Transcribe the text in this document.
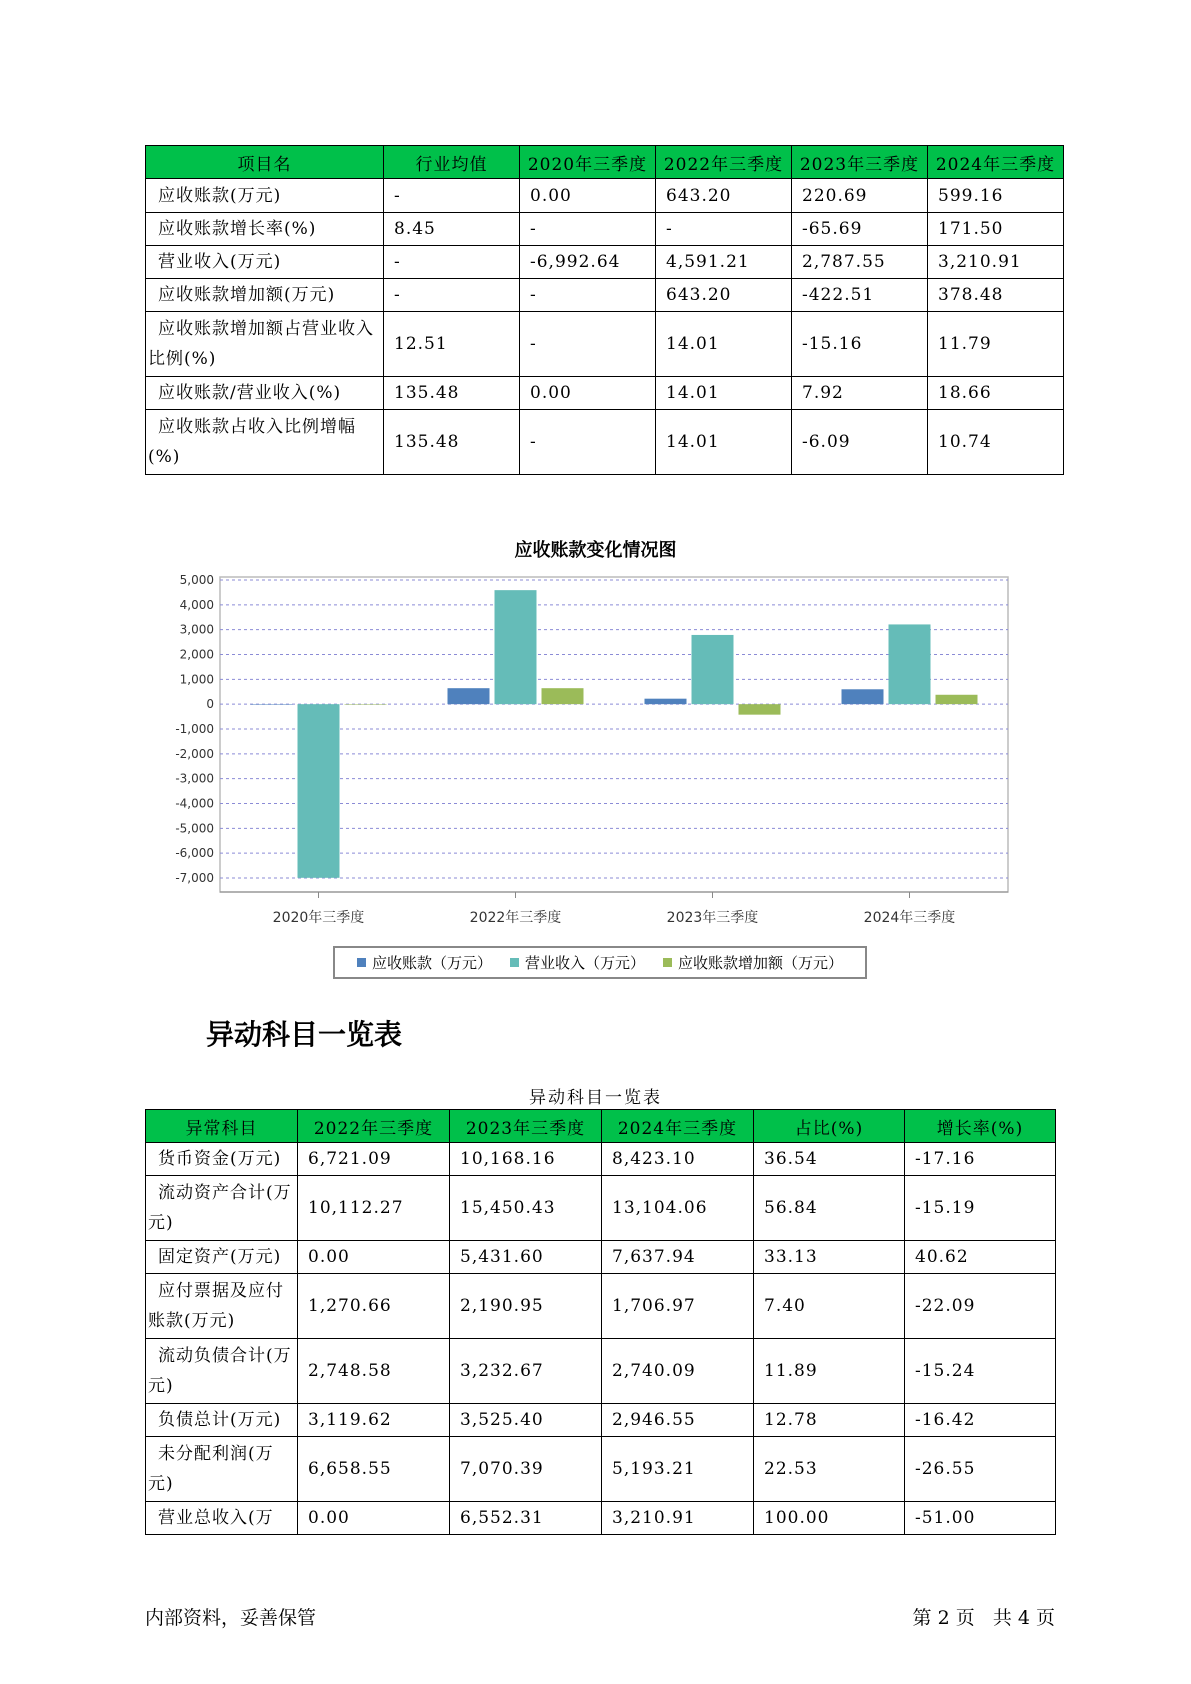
项目名	行业均值	2020年三季度	2022年三季度	2023年三季度	2024年三季度
应收账款(万元)	-	0.00	643.20	220.69	599.16
应收账款增长率(%)	8.45	-	-	-65.69	171.50
营业收入(万元)	-	-6,992.64	4,591.21	2,787.55	3,210.91
应收账款增加额(万元)	-	-	643.20	-422.51	378.48
应收账款增加额占营业收入比例(%)	12.51	-	14.01	-15.16	11.79
应收账款/营业收入(%)	135.48	0.00	14.01	7.92	18.66
应收账款占收入比例增幅(%)	135.48	-	14.01	-6.09	10.74
应收账款变化情况图
5,000
4,000
3,000
2,000
1,000
0
-1,000
-2,000
-3,000
-4,000
-5,000
-6,000
-7,000
2020年三季度	2022年三季度	2023年三季度	2024年三季度
应收账款（万元） 营业收入（万元） 应收账款增加额（万元）
异动科目一览表
异动科目一览表
异常科目	2022年三季度	2023年三季度	2024年三季度	占比(%)	增长率(%)
货币资金(万元)	6,721.09	10,168.16	8,423.10	36.54	-17.16
流动资产合计(万元)	10,112.27	15,450.43	13,104.06	56.84	-15.19
固定资产(万元)	0.00	5,431.60	7,637.94	33.13	40.62
应付票据及应付账款(万元)	1,270.66	2,190.95	1,706.97	7.40	-22.09
流动负债合计(万元)	2,748.58	3,232.67	2,740.09	11.89	-15.24
负债总计(万元)	3,119.62	3,525.40	2,946.55	12.78	-16.42
未分配利润(万元)	6,658.55	7,070.39	5,193.21	22.53	-26.55
营业总收入(万	0.00	6,552.31	3,210.91	100.00	-51.00
内部资料，妥善保管	第 2 页   共 4 页
